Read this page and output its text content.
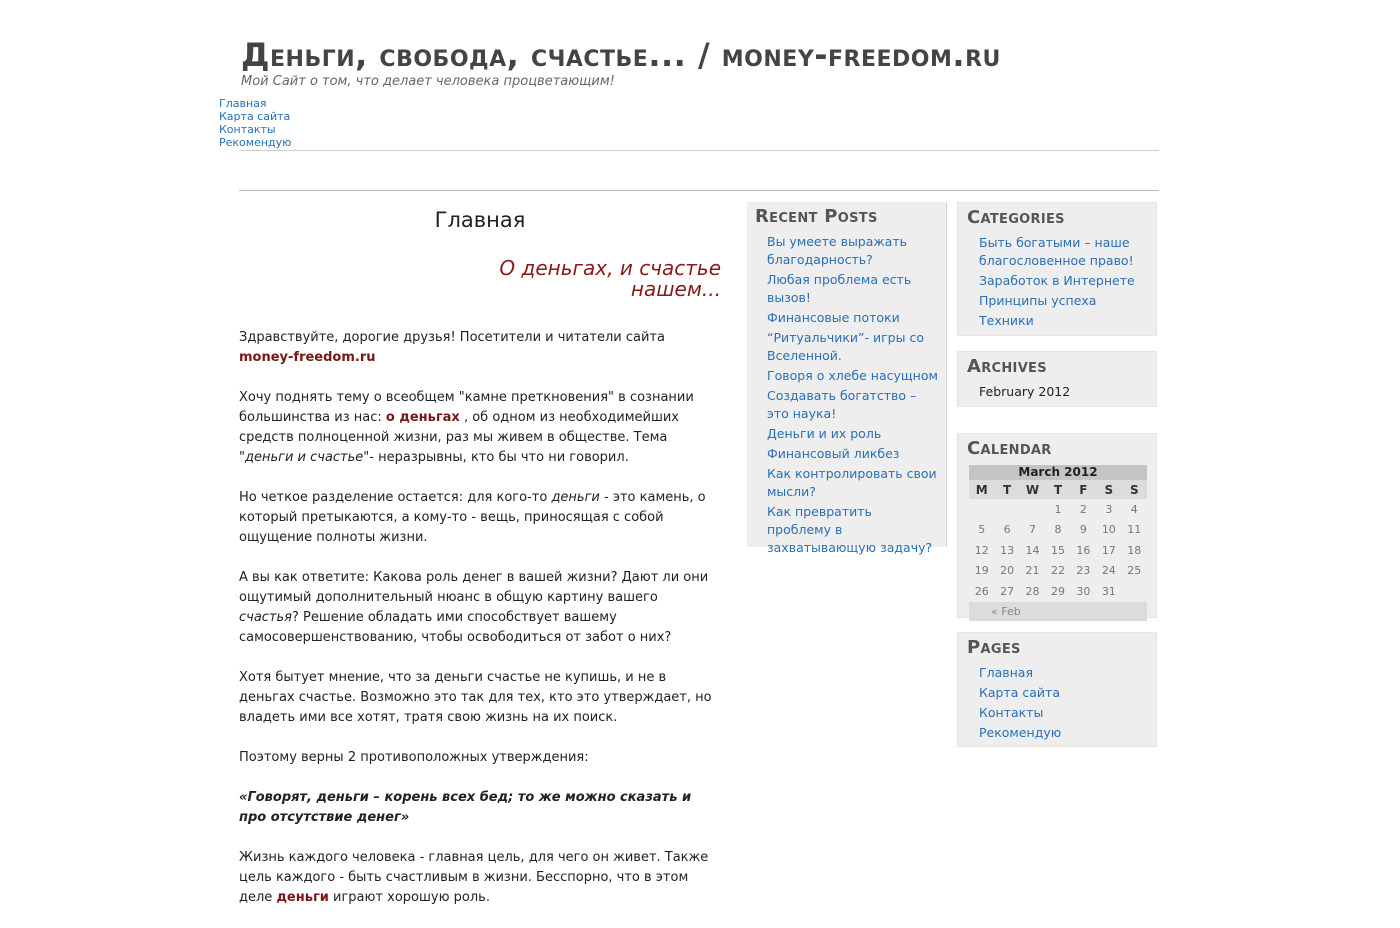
Деньги, свобода, счастье... / money-freedom.ru
Мой Сайт о том, что делает человека процветающим!
Главная
Карта сайта
Контакты
Рекомендую
Главная
О деньгах, и счастье
нашем...

Здравствуйте, дорогие друзья! Посетители и читатели сайта money-freedom.ru

Хочу поднять тему о всеобщем "камне преткновения" в сознании большинства из нас: о деньгах , об одном из необходимейших средств полноценной жизни, раз мы живем в обществе. Тема "деньги и счастье"- неразрывны, кто бы что ни говорил.

Но четкое разделение остается: для кого-то деньги - это камень, о который претыкаются, а кому-то - вещь, приносящая с собой ощущение полноты жизни.

А вы как ответите: Какова роль денег в вашей жизни? Дают ли они ощутимый дополнительный нюанс в общую картину вашего счастья? Решение обладать ими способствует вашему самосовершенствованию, чтобы освободиться от забот о них?

Хотя бытует мнение, что за деньги счастье не купишь, и не в деньгах счастье. Возможно это так для тех, кто это утверждает, но владеть ими все хотят, тратя свою жизнь на их поиск.

Поэтому верны 2 противоположных утверждения:

«Говорят, деньги – корень всех бед; то же можно сказать и про отсутствие денег»

Жизнь каждого человека - главная цель, для чего он живет. Также цель каждого - быть счастливым в жизни. Бесспорно, что в этом деле деньги играют хорошую роль.

Recent Posts
Вы умеете выражать благодарность?
Любая проблема есть вызов!
Финансовые потоки
“Ритуальчики”- игры со Вселенной.
Говоря о хлебе насущном
Создавать богатство – это наука!
Деньги и их роль
Финансовый ликбез
Как контролировать свои мысли?
Как превратить проблему в захватывающую задачу?
Categories
Быть богатыми – наше благословенное право!
Заработок в Интернете
Принципы успеха
Техники
Archives
February 2012
Calendar
March 2012
M	T	W	T	F	S	S
			1	2	3	4
5	6	7	8	9	10	11
12	13	14	15	16	17	18
19	20	21	22	23	24	25
26	27	28	29	30	31	
« Feb						
Pages
Главная
Карта сайта
Контакты
Рекомендую
